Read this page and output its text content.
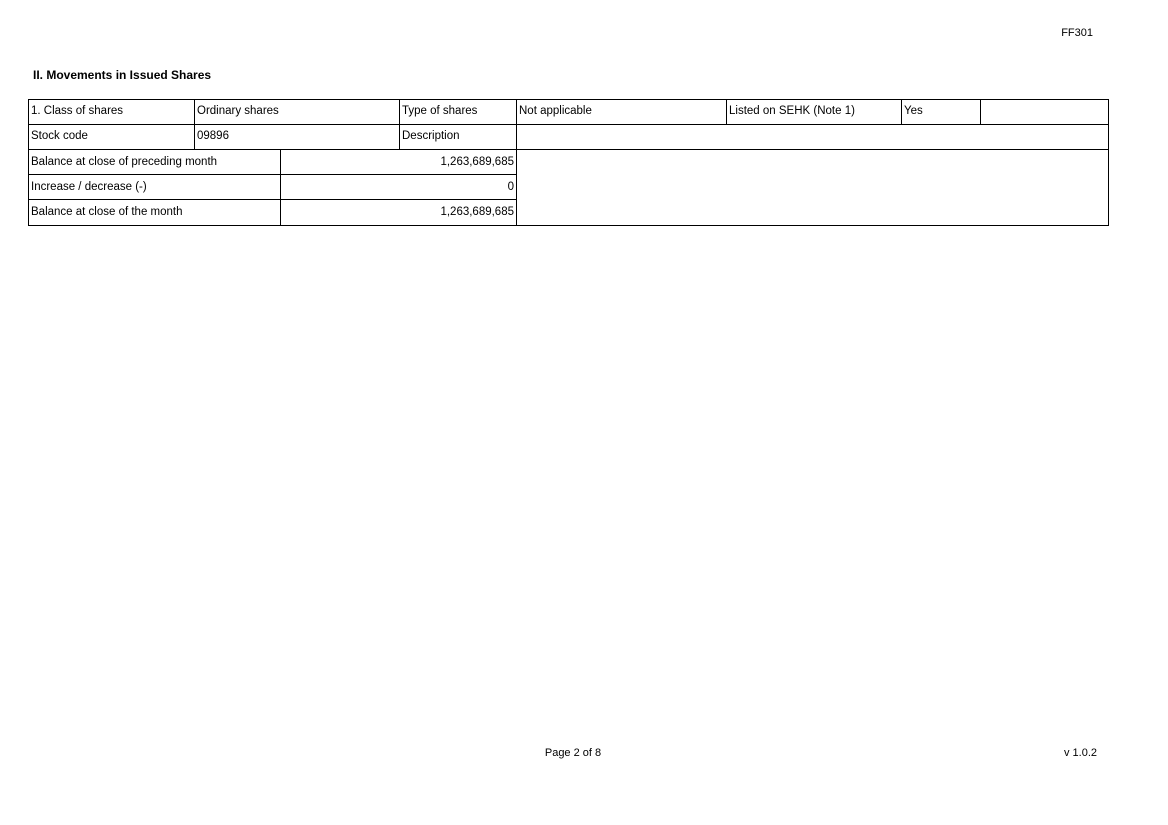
FF301
II. Movements in Issued Shares
1. Class of shares	Ordinary shares	Type of shares	Not applicable	Listed on SEHK (Note 1)	Yes
Stock code	09896	Description
Balance at close of preceding month	1,263,689,685
Increase / decrease (-)	0
Balance at close of the month	1,263,689,685
Page 2 of 8	v 1.0.2
